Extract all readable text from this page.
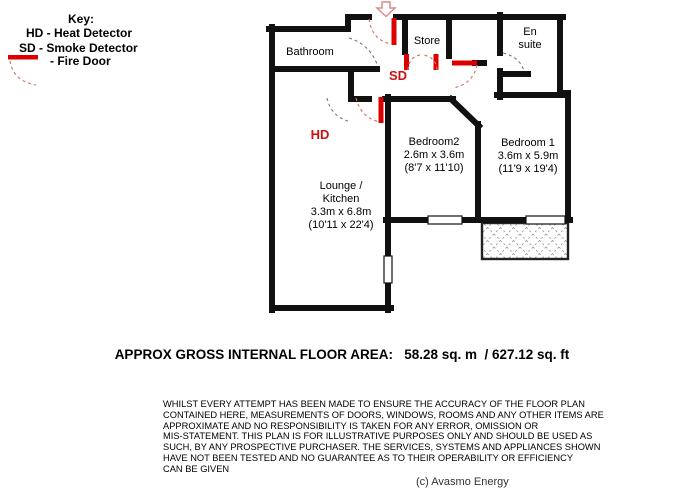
Key:
HD - Heat Detector
SD - Smoke Detector
- Fire Door
Bathroom
Store
En
suite
HD
SD
Bedroom2
2.6m x 3.6m
(8'7 x 11'10)
Bedroom 1
3.6m x 5.9m
(11'9 x 19'4)
Lounge /
Kitchen
3.3m x 6.8m
(10'11 x 22'4)
APPROX GROSS INTERNAL FLOOR AREA:   58.28 sq. m  / 627.12 sq. ft
WHILST EVERY ATTEMPT HAS BEEN MADE TO ENSURE THE ACCURACY OF THE FLOOR PLAN
CONTAINED HERE, MEASUREMENTS OF DOORS, WINDOWS, ROOMS AND ANY OTHER ITEMS ARE
APPROXIMATE AND NO RESPONSIBILITY IS TAKEN FOR ANY ERROR, OMISSION OR
MIS-STATEMENT. THIS PLAN IS FOR ILLUSTRATIVE PURPOSES ONLY AND SHOULD BE USED AS
SUCH, BY ANY PROSPECTIVE PURCHASER. THE SERVICES, SYSTEMS AND APPLIANCES SHOWN
HAVE NOT BEEN TESTED AND NO GUARANTEE AS TO THEIR OPERABILITY OR EFFICIENCY
CAN BE GIVEN
(c) Avasmo Energy
